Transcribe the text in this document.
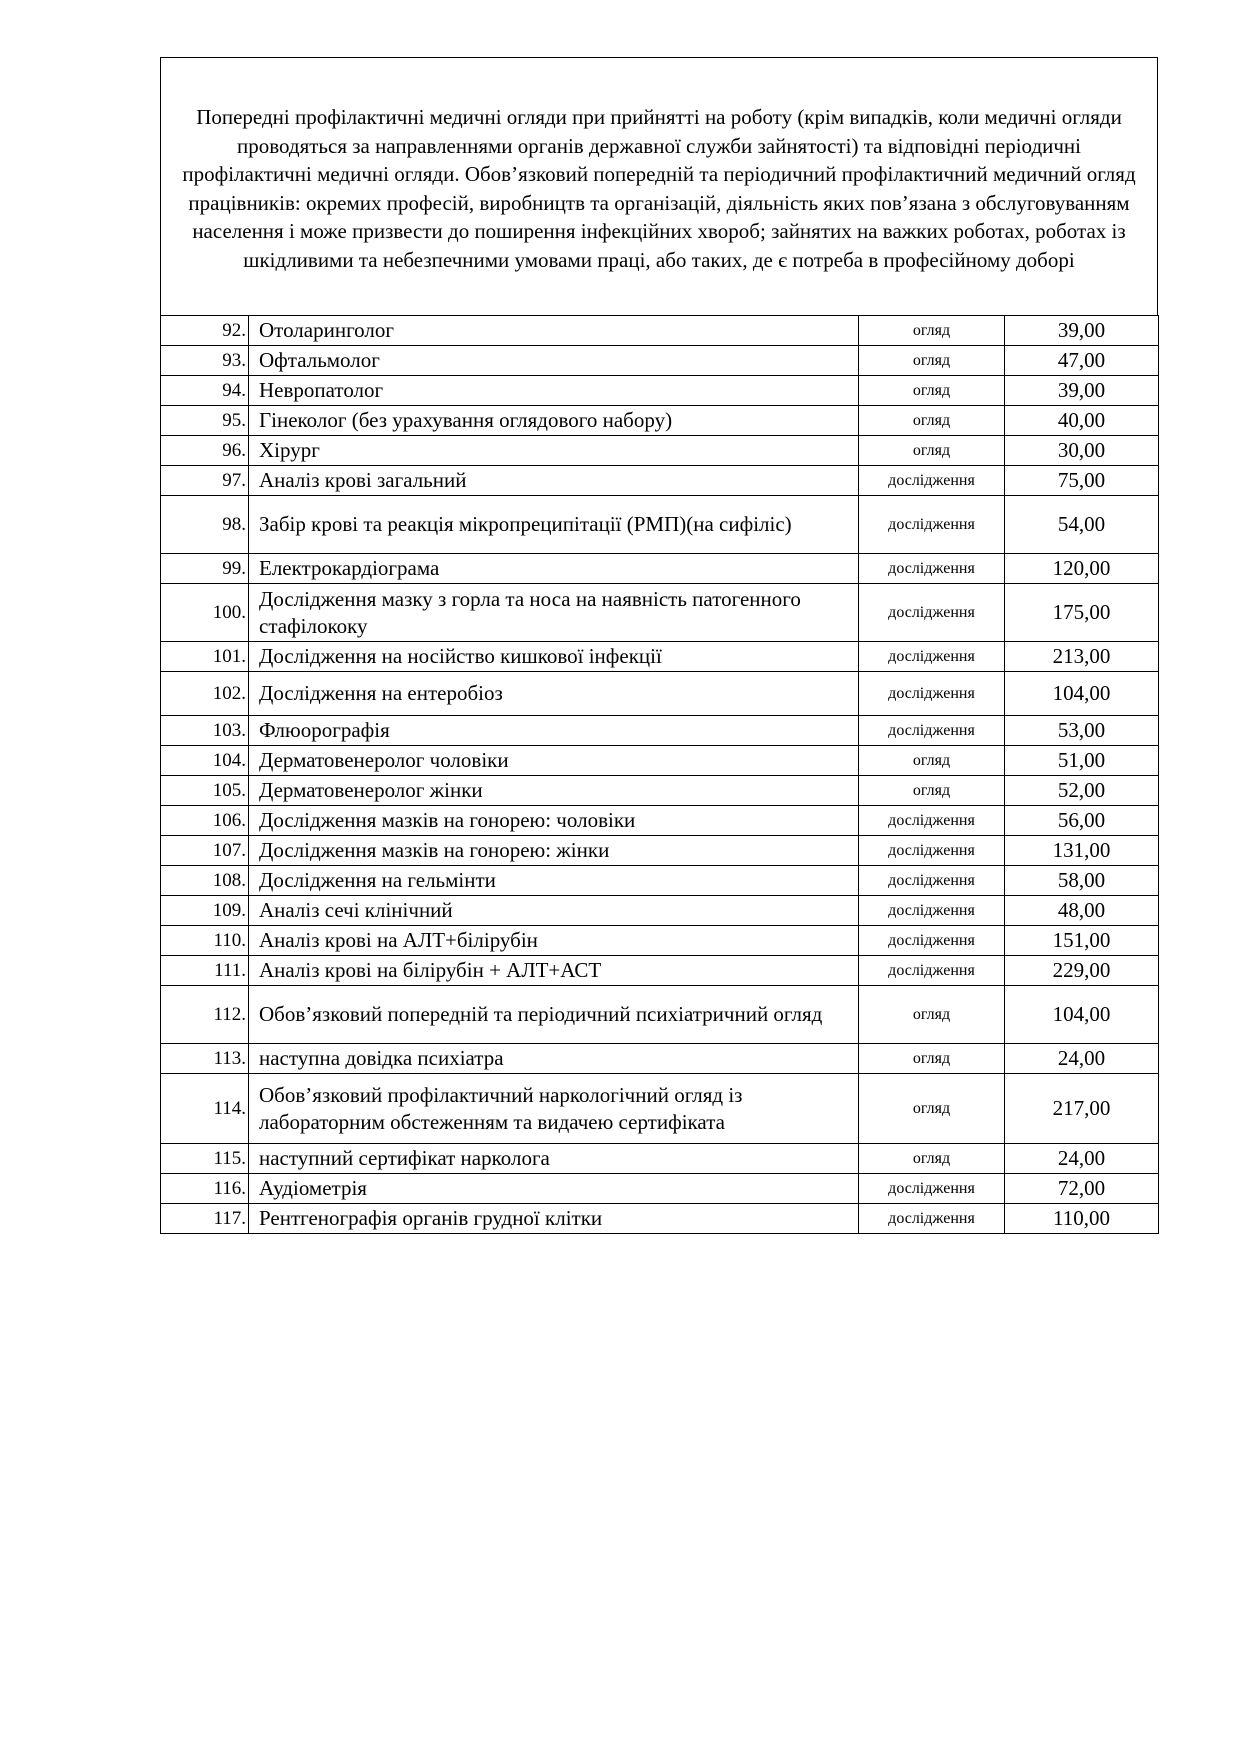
Попередні профілактичні медичні огляди при прийнятті на роботу (крім випадків, коли медичні огляди проводяться за направленнями органів державної служби зайнятості) та відповідні періодичні профілактичні медичні огляди. Обов’язковий попередній та періодичний профілактичний медичний огляд працівників: окремих професій, виробництв та організацій, діяльність яких пов’язана з обслуговуванням населення і може призвести до поширення інфекційних хвороб; зайнятих на важких роботах, роботах із шкідливими та небезпечними умовами праці, або таких, де є потреба в професійному доборі

92.	Отоларинголог	огляд	39,00
93.	Офтальмолог	огляд	47,00
94.	Невропатолог	огляд	39,00
95.	Гінеколог (без урахування оглядового набору)	огляд	40,00
96.	Хірург	огляд	30,00
97.	Аналіз крові загальний	дослідження	75,00
98.	Забір крові та реакція мікропреципітації (РМП)(на сифіліс)	дослідження	54,00
99.	Електрокардіограма	дослідження	120,00
100.	Дослідження мазку з горла та носа на наявність патогенного стафілококу	дослідження	175,00
101.	Дослідження на носійство кишкової інфекції	дослідження	213,00
102.	Дослідження на ентеробіоз	дослідження	104,00
103.	Флюорографія	дослідження	53,00
104.	Дерматовенеролог чоловіки	огляд	51,00
105.	Дерматовенеролог жінки	огляд	52,00
106.	Дослідження мазків на гонорею: чоловіки	дослідження	56,00
107.	Дослідження мазків на гонорею: жінки	дослідження	131,00
108.	Дослідження на гельмінти	дослідження	58,00
109.	Аналіз сечі клінічний	дослідження	48,00
110.	Аналіз крові на АЛТ+білірубін	дослідження	151,00
111.	Аналіз крові на білірубін + АЛТ+АСТ	дослідження	229,00
112.	Обов’язковий попередній та періодичний психіатричний огляд	огляд	104,00
113.	наступна довідка психіатра	огляд	24,00
114.	Обов’язковий профілактичний наркологічний огляд із лабораторним обстеженням та видачею сертифіката	огляд	217,00
115.	наступний сертифікат нарколога	огляд	24,00
116.	Аудіометрія	дослідження	72,00
117.	Рентгенографія органів грудної клітки	дослідження	110,00
